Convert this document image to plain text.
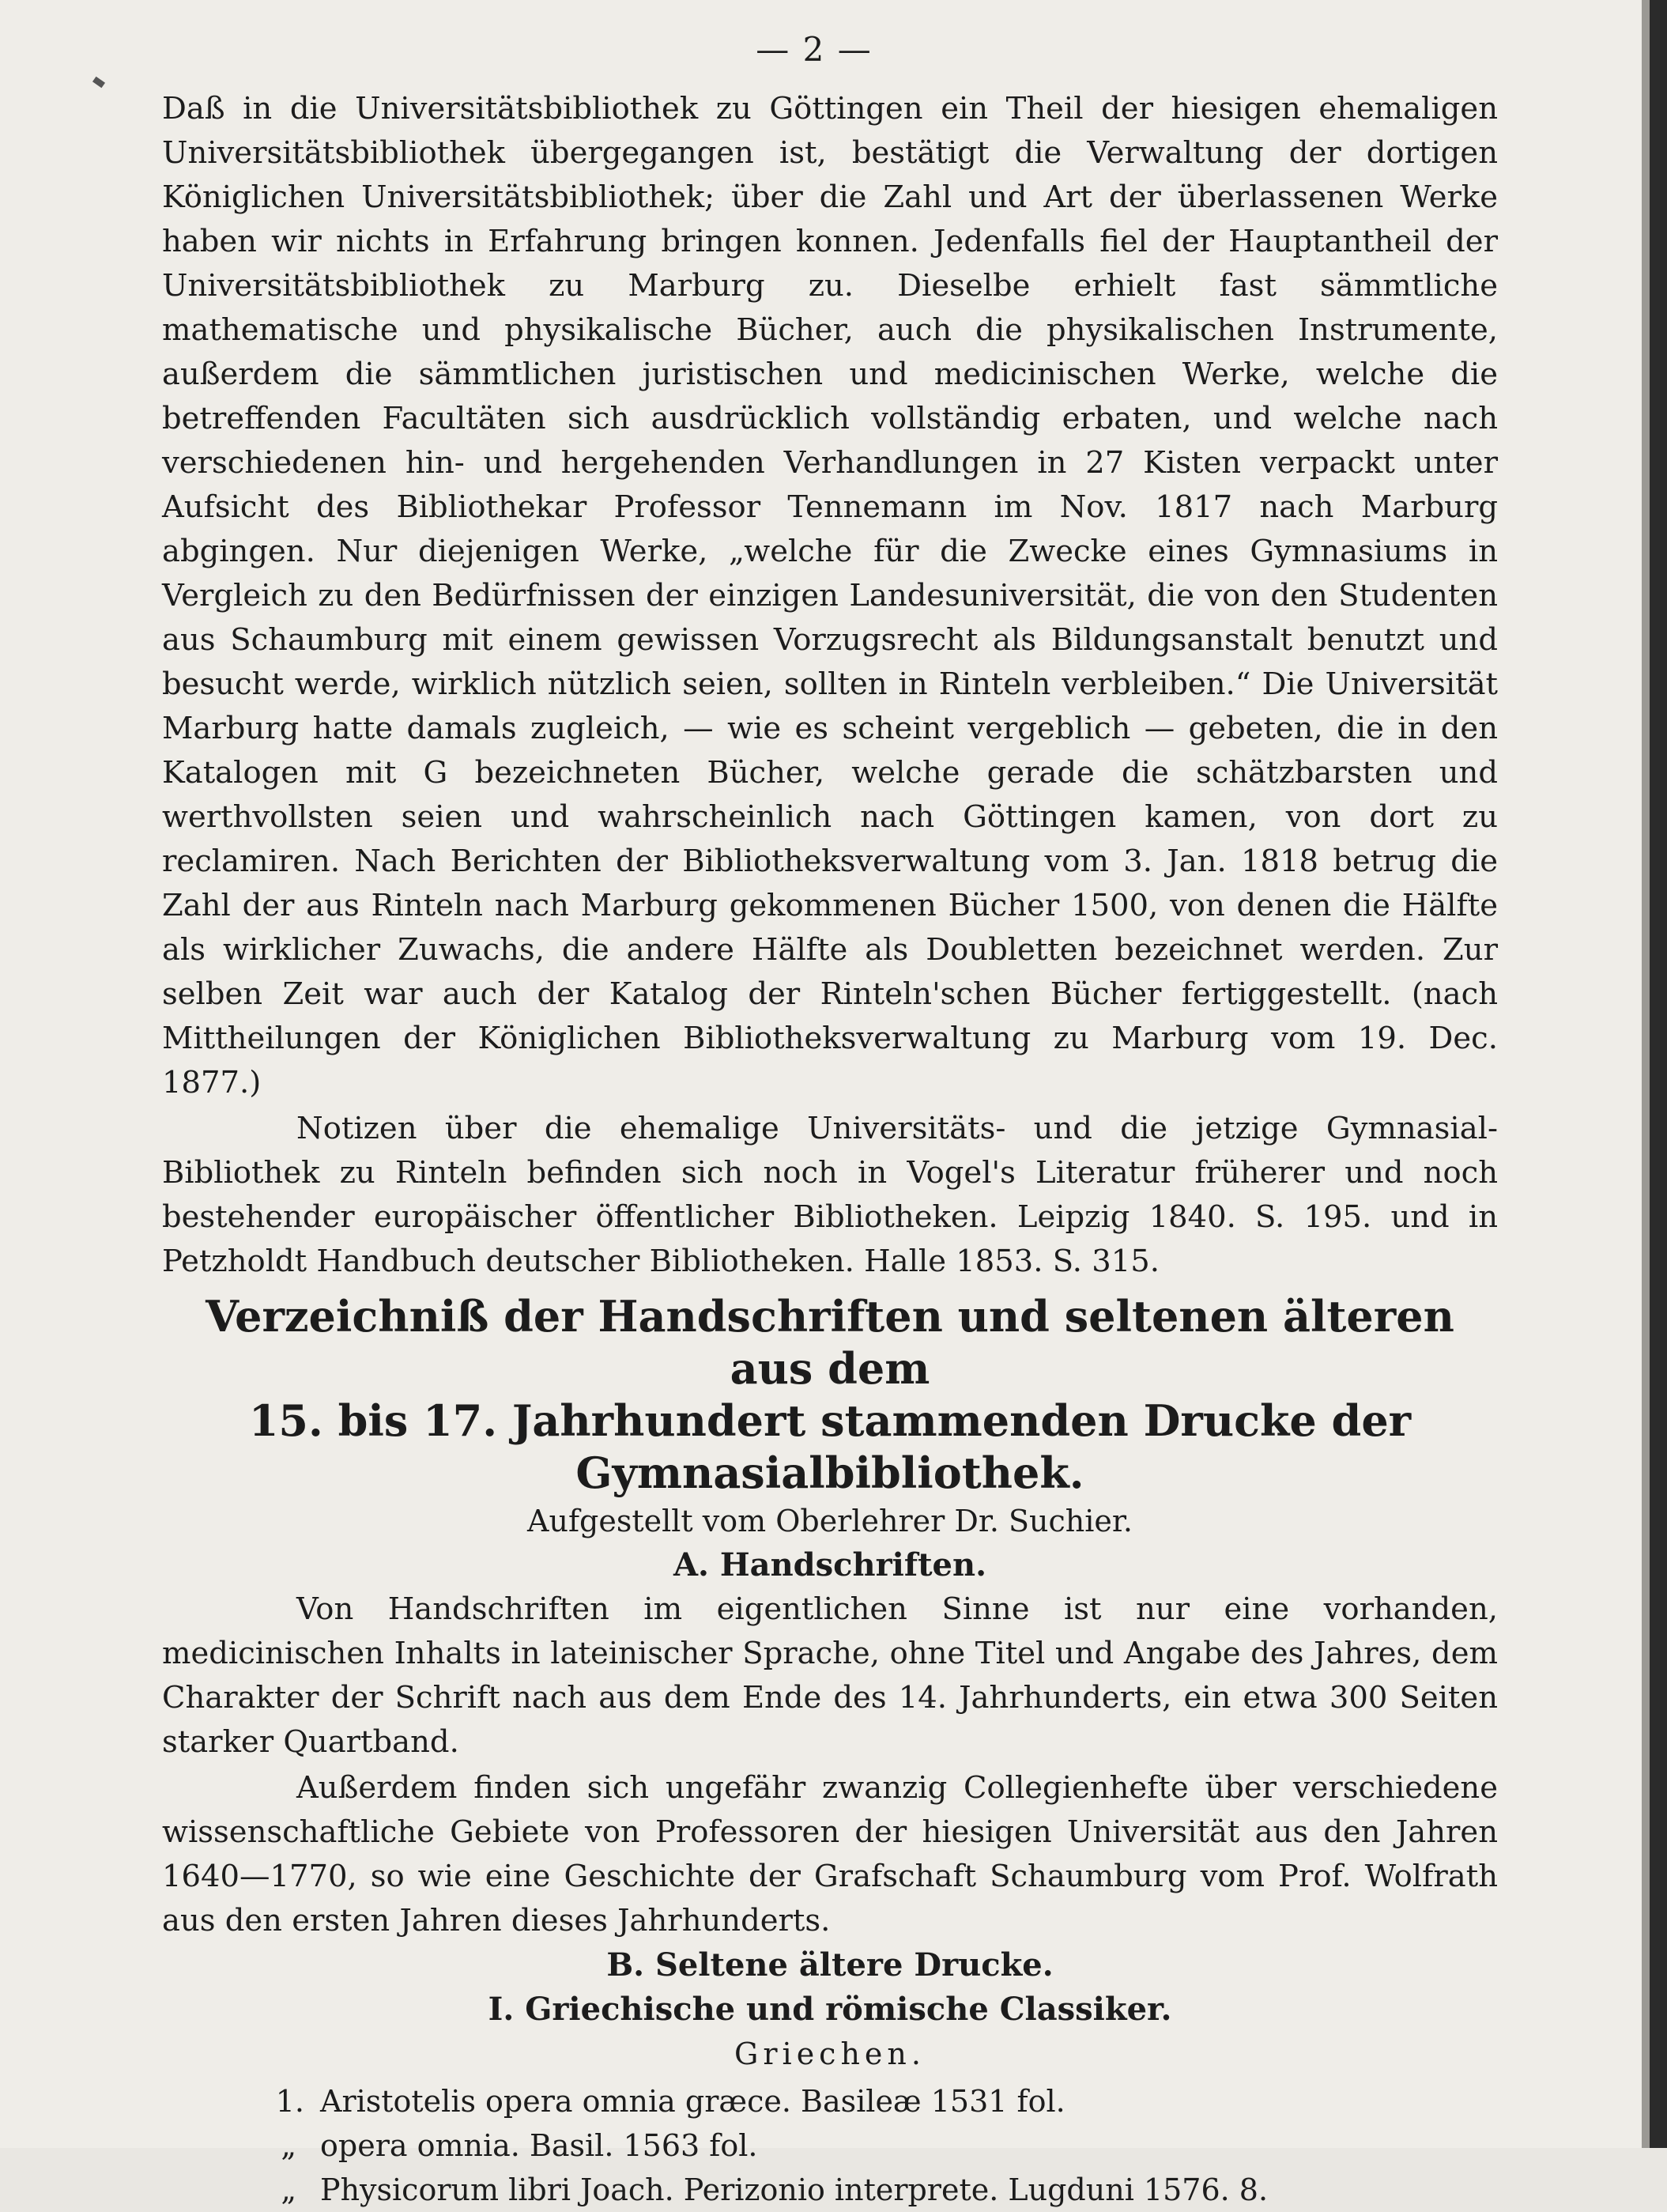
— 2 —

Daß in die Universitätsbibliothek zu Göttingen ein Theil der hiesigen ehemaligen Universitätsbibliothek übergegangen ist, bestätigt die Verwaltung der dortigen Königlichen Universitätsbibliothek; über die Zahl und Art der überlassenen Werke haben wir nichts in Erfahrung bringen konnen. Jedenfalls fiel der Hauptantheil der Universitätsbibliothek zu Marburg zu. Dieselbe erhielt fast sämmtliche mathematische und physikalische Bücher, auch die physikalischen Instrumente, außerdem die sämmtlichen juristischen und medicinischen Werke, welche die betreffenden Facultäten sich ausdrücklich vollständig erbaten, und welche nach verschiedenen hin- und hergehenden Verhandlungen in 27 Kisten verpackt unter Aufsicht des Bibliothekar Professor Tennemann im Nov. 1817 nach Marburg abgingen. Nur diejenigen Werke, „welche für die Zwecke eines Gymnasiums in Vergleich zu den Bedürfnissen der einzigen Landesuniversität, die von den Studenten aus Schaumburg mit einem gewissen Vorzugsrecht als Bildungsanstalt benutzt und besucht werde, wirklich nützlich seien, sollten in Rinteln verbleiben.“ Die Universität Marburg hatte damals zugleich, — wie es scheint vergeblich — gebeten, die in den Katalogen mit G bezeichneten Bücher, welche gerade die schätzbarsten und werthvollsten seien und wahrscheinlich nach Göttingen kamen, von dort zu reclamiren. Nach Berichten der Bibliotheksverwaltung vom 3. Jan. 1818 betrug die Zahl der aus Rinteln nach Marburg gekommenen Bücher 1500, von denen die Hälfte als wirklicher Zuwachs, die andere Hälfte als Doubletten bezeichnet werden. Zur selben Zeit war auch der Katalog der Rinteln'schen Bücher fertiggestellt. (nach Mittheilungen der Königlichen Bibliotheksverwaltung zu Marburg vom 19. Dec. 1877.)

Notizen über die ehemalige Universitäts- und die jetzige Gymnasial-Bibliothek zu Rinteln befinden sich noch in Vogel's Literatur früherer und noch bestehender europäischer öffentlicher Bibliotheken. Leipzig 1840. S. 195. und in Petzholdt Handbuch deutscher Bibliotheken. Halle 1853. S. 315.

Verzeichniß der Handschriften und seltenen älteren aus dem
15. bis 17. Jahrhundert stammenden Drucke der Gymnasialbibliothek.

Aufgestellt vom Oberlehrer Dr. Suchier.

A. Handschriften.

Von Handschriften im eigentlichen Sinne ist nur eine vorhanden, medicinischen Inhalts in lateinischer Sprache, ohne Titel und Angabe des Jahres, dem Charakter der Schrift nach aus dem Ende des 14. Jahrhunderts, ein etwa 300 Seiten starker Quartband.

Außerdem finden sich ungefähr zwanzig Collegienhefte über verschiedene wissenschaftliche Gebiete von Professoren der hiesigen Universität aus den Jahren 1640—1770, so wie eine Geschichte der Grafschaft Schaumburg vom Prof. Wolfrath aus den ersten Jahren dieses Jahrhunderts.

B. Seltene ältere Drucke.

I. Griechische und römische Classiker.

Griechen.

1. Aristotelis opera omnia græce. Basileæ 1531 fol.
„ opera omnia. Basil. 1563 fol.
„ Physicorum libri Joach. Perizonio interprete. Lugduni 1576. 8.
